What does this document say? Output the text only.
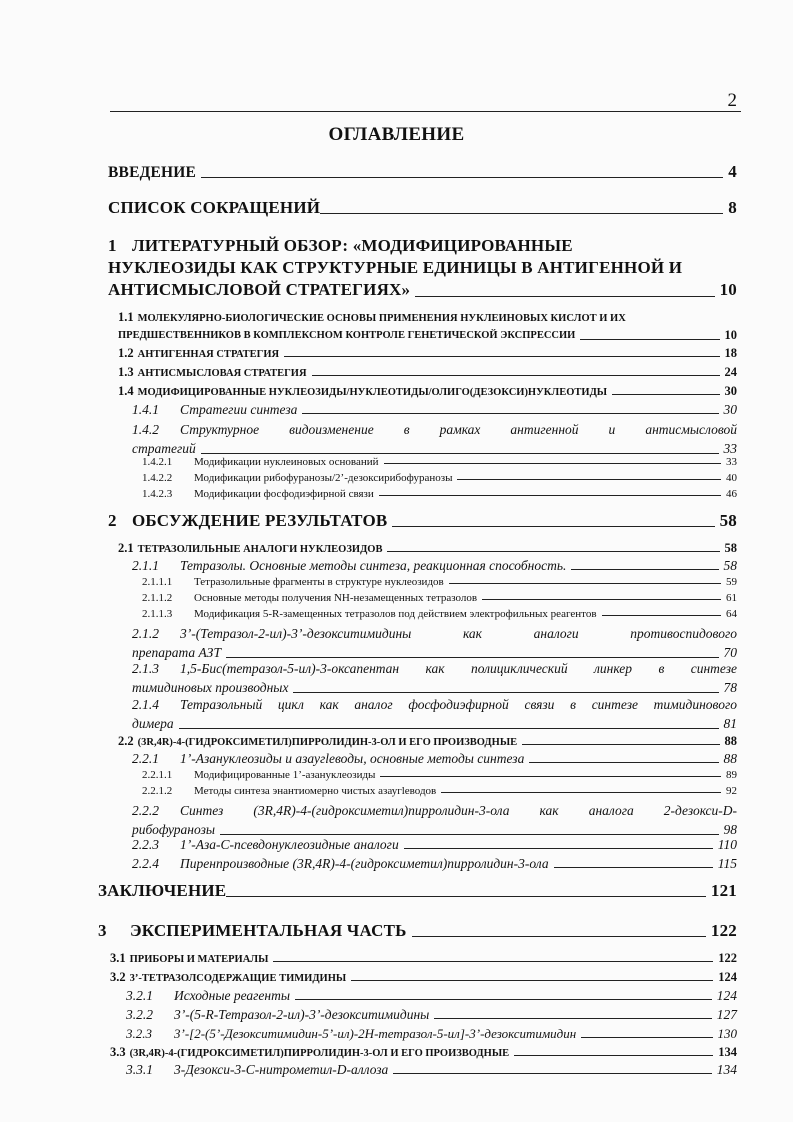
2
ОГЛАВЛЕНИЕ
ВВЕДЕНИЕ	4
СПИСОК СОКРАЩЕНИЙ	8
1 ЛИТЕРАТУРНЫЙ ОБЗОР: «МОДИФИЦИРОВАННЫЕ
НУКЛЕОЗИДЫ КАК СТРУКТУРНЫЕ ЕДИНИЦЫ В АНТИГЕННОЙ И
АНТИСМЫСЛОВОЙ СТРАТЕГИЯХ»	10
1.1 МОЛЕКУЛЯРНО-БИОЛОГИЧЕСКИЕ ОСНОВЫ ПРИМЕНЕНИЯ НУКЛЕИНОВЫХ КИСЛОТ И ИХ
ПРЕДШЕСТВЕННИКОВ В КОМПЛЕКСНОМ КОНТРОЛЕ ГЕНЕТИЧЕСКОЙ ЭКСПРЕССИИ	10
1.2 АНТИГЕННАЯ СТРАТЕГИЯ	18
1.3 АНТИСМЫСЛОВАЯ СТРАТЕГИЯ	24
1.4 МОДИФИЦИРОВАННЫЕ НУКЛЕОЗИДЫ/НУКЛЕОТИДЫ/ОЛИГО(ДЕЗОКСИ)НУКЛЕОТИДЫ	30
1.4.1 Стратегии синтеза	30
1.4.2 Структурное видоизменение в рамках антигенной и антисмысловой
стратегий	33
1.4.2.1 Модификации нуклеиновых оснований	33
1.4.2.2 Модификации рибофуранозы/2’-дезоксирибофуранозы	40
1.4.2.3 Модификации фосфодиэфирной связи	46
2 ОБСУЖДЕНИЕ РЕЗУЛЬТАТОВ	58
2.1 ТЕТРАЗОЛИЛЬНЫЕ АНАЛОГИ НУКЛЕОЗИДОВ	58
2.1.1 Тетразолы. Основные методы синтеза, реакционная способность.	58
2.1.1.1 Тетразолильные фрагменты в структуре нуклеозидов	59
2.1.1.2 Основные методы получения NH-незамещенных тетразолов	61
2.1.1.3 Модификация 5-R-замещенных тетразолов под действием электрофильных реагентов	64
2.1.2 3’-(Тетразол-2-ил)-3’-дезокситимидины как аналоги противоспидового
препарата АЗТ	70
2.1.3 1,5-Бис(тетразол-5-ил)-3-оксапентан как полициклический линкер в синтезе
тимидиновых производных	78
2.1.4 Тетразольный цикл как аналог фосфодиэфирной связи в синтезе тимидинового
димера	81
2.2 (3R,4R)-4-(ГИДРОКСИМЕТИЛ)ПИРРОЛИДИН-3-ОЛ И ЕГО ПРОИЗВОДНЫЕ	88
2.2.1 1’-Азануклеозиды и азаугleводы, основные методы синтеза	88
2.2.1.1 Модифицированные 1’-азануклеозиды	89
2.2.1.2 Методы синтеза энантиомерно чистых азаугleводов	92
2.2.2 Синтез (3R,4R)-4-(гидроксиметил)пирролидин-3-ола как аналога 2-дезокси-D-
рибофуранозы	98
2.2.3 1’-Аза-С-псевдонуклеозидные аналоги	110
2.2.4 Пиренпроизводные (3R,4R)-4-(гидроксиметил)пирролидин-3-ола	115
ЗАКЛЮЧЕНИЕ	121
3 ЭКСПЕРИМЕНТАЛЬНАЯ ЧАСТЬ	122
3.1 ПРИБОРЫ И МАТЕРИАЛЫ	122
3.2 3’-ТЕТРАЗОЛСОДЕРЖАЩИЕ ТИМИДИНЫ	124
3.2.1 Исходные реагенты	124
3.2.2 3’-(5-R-Тетразол-2-ил)-3’-дезокситимидины	127
3.2.3 3’-[2-(5’-Дезокситимидин-5’-ил)-2Н-тетразол-5-ил]-3’-дезокситимидин	130
3.3 (3R,4R)-4-(ГИДРОКСИМЕТИЛ)ПИРРОЛИДИН-3-ОЛ И ЕГО ПРОИЗВОДНЫЕ	134
3.3.1 3-Дезокси-3-С-нитрометил-D-аллоза	134
